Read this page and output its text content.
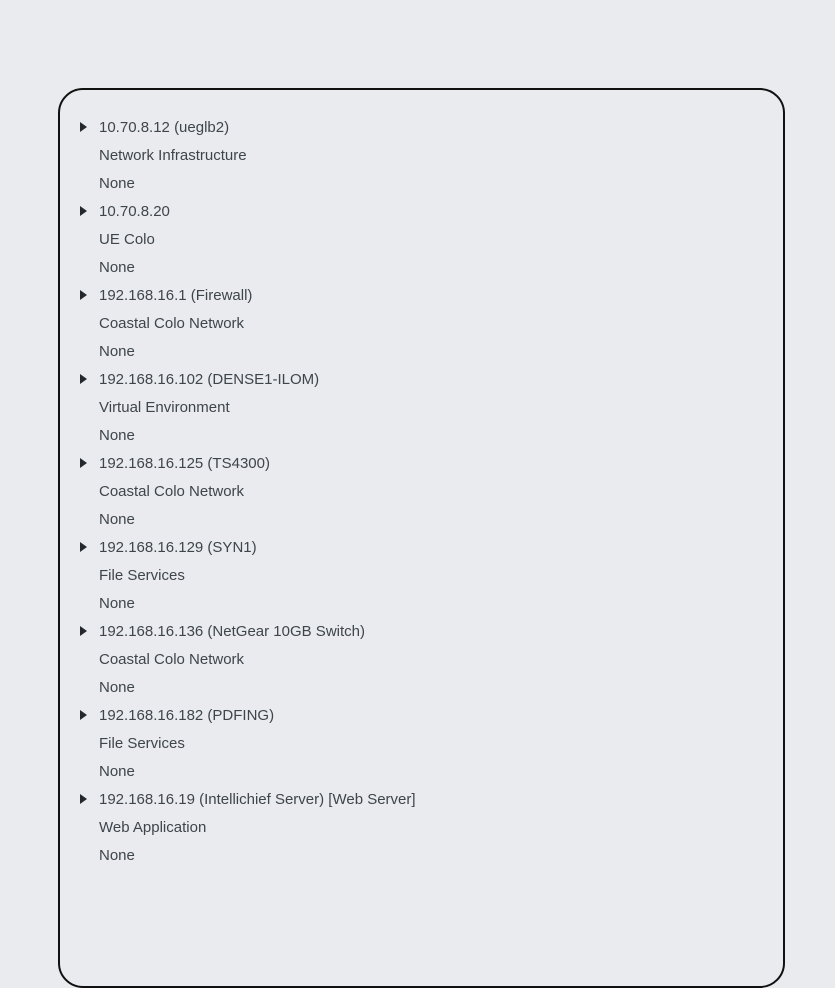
10.70.8.12 (ueglb2)
Network Infrastructure
None
10.70.8.20
UE Colo
None
192.168.16.1 (Firewall)
Coastal Colo Network
None
192.168.16.102 (DENSE1-ILOM)
Virtual Environment
None
192.168.16.125 (TS4300)
Coastal Colo Network
None
192.168.16.129 (SYN1)
File Services
None
192.168.16.136 (NetGear 10GB Switch)
Coastal Colo Network
None
192.168.16.182 (PDFING)
File Services
None
192.168.16.19 (Intellichief Server) [Web Server]
Web Application
None
